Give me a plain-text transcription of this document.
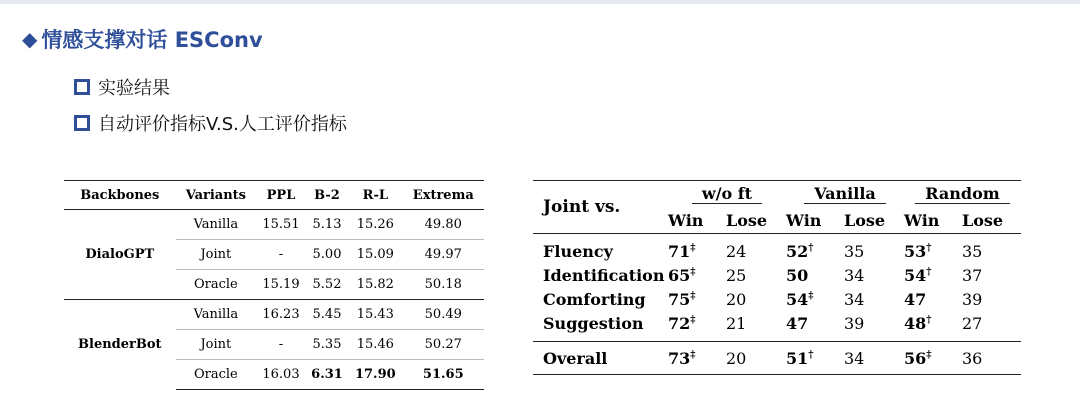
◆ 情感支撑对话 ESConv
实验结果
自动评价指标V.S.人工评价指标
Backbones	Variants	PPL	B-2	R-L	Extrema
DialoGPT	Vanilla	15.51	5.13	15.26	49.80
	Joint	-	5.00	15.09	49.97
	Oracle	15.19	5.52	15.82	50.18
BlenderBot	Vanilla	16.23	5.45	15.43	50.49
	Joint	-	5.35	15.46	50.27
	Oracle	16.03	6.31	17.90	51.65
Joint vs.	w/o ft		Vanilla		Random	
	Win	Lose	Win	Lose	Win	Lose

Fluency	71‡	24	52†	35	53†	35
Identification	65‡	25	50	34	54†	37
Comforting	75‡	20	54‡	34	47	39
Suggestion	72‡	21	47	39	48†	27

Overall	73‡	20	51†	34	56‡	36
